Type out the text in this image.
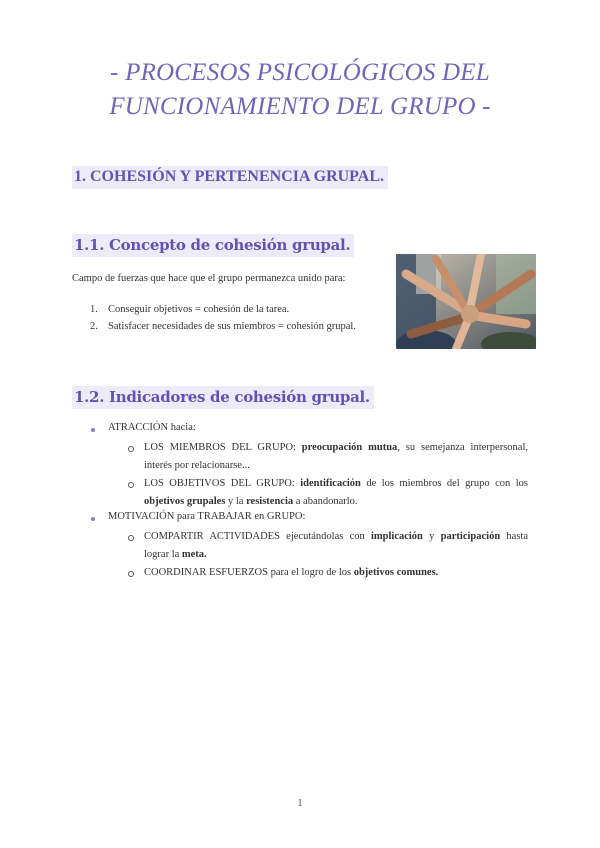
- PROCESOS PSICOLÓGICOS DEL FUNCIONAMIENTO DEL GRUPO -
1. COHESIÓN Y PERTENENCIA GRUPAL.
1.1. Concepto de cohesión grupal.
Campo de fuerzas que hace que el grupo permanezca unido para:
1. Conseguir objetivos = cohesión de la tarea.
2. Satisfacer necesidades de sus miembros = cohesión grupal.
1.2. Indicadores de cohesión grupal.
ATRACCIÓN hacia:
LOS MIEMBROS DEL GRUPO: preocupación mutua, su semejanza interpersonal, interés por relacionarse...
LOS OBJETIVOS DEL GRUPO: identificación de los miembros del grupo con los objetivos grupales y la resistencia a abandonarlo.
MOTIVACIÓN para TRABAJAR en GRUPO:
COMPARTIR ACTIVIDADES ejecutándolas con implicación y participación hasta lograr la meta.
COORDINAR ESFUERZOS para el logro de los objetivos comunes.
1
